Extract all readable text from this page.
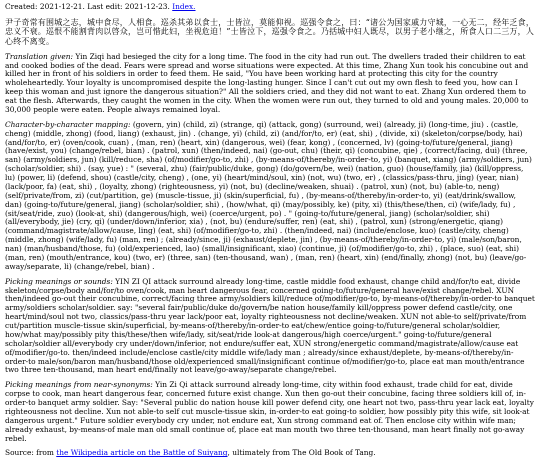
Created: 2021-12-21. Last edit: 2021-12-23. Index.

尹子奇常有围城之志，城中食尽，人相食。巡杀其弟以食士，士皆泣，莫能仰视。巡强令食之，曰：“诸公为国家戚力守城，一心无二，经年乏食，忠义不衰。巡恨不能割背肉以啓众，岂可惜此妇，坐视危迫！”士皆泣下，巡强令食之。乃括城中妇人既尽，以男子老小继之，所食人口二三万，人心终不离变。

Translation given: Yin Ziqi had besieged the city for a long time. The food in the city had run out. The dwellers traded their children to eat and cooked bodies of the dead. Fears were spread and worse situations were expected. At this time, Zhang Xun took his concubine out and killed her in front of his soldiers in order to feed them. He said, "You have been working hard at protecting this city for the country wholeheartedly. Your loyalty is uncompromised despite the long-lasting hunger. Since I can't cut out my own flesh to feed you, how can I keep this woman and just ignore the dangerous situation?" All the soldiers cried, and they did not want to eat. Zhang Xun ordered them to eat the flesh. Afterwards, they caught the women in the city. When the women were run out, they turned to old and young males. 20,000 to 30,000 people were eaten. People always remained loyal.

Character-by-character mapping: (govern, yin) (child, zi) (strange, qi) (attack, gong) (surround, wei) (already, ji) (long-time, jiu) . (castle, cheng) (middle, zhong) (food, liang) (exhaust, jin) . (change, yi) (child, zi) (and/for/to, er) (eat, shi) , (divide, xi) (skeleton/corpse/body, hai) (and/for/to, er) (oven/cook, cuan) , (man, ren) (heart, xin) (dangerous, wei) (fear, kong) , (concerned, lv) (going-to/future/general, jiang) (have/exist, you) (change/rebel, bian) . (patrol, xun) (then/indeed, nai) (go-out, chu) (their, qi) (concubine, qie) , (correct/facing, dui) (three, san) (army/soldiers, jun) (kill/reduce, sha) (of/modifier/go-to, zhi) , (by-means-of/thereby/in-order-to, yi) (banquet, xiang) (army/soldiers, jun) (scholar/soldier, shi) . (say, yue) : " (several, zhu) (fair/public/duke, gong) (do/govern/be, wei) (nation, guo) (house/family, jia) (kill/oppress, lu) (power, li) (defend, shou) (castle/city, cheng) , (one, yi) (heart/mind/soul, xin) (not, wu) (two, er) , (classics/pass-thru, jing) (year, nian) (lack/poor, fa) (eat, shi) , (loyalty, zhong) (righteousness, yi) (not, bu) (decline/weaken, shuai) . (patrol, xun) (not, bu) (able-to, neng) (self/private/from, zi) (cut/partition, ge) (muscle-tissue, ji) (skin/superficial, fu) , (by-means-of/thereby/in-order-to, yi) (eat/drink/swallow, dan) (going-to/future/general, jiang) (scholar/soldier, shi) , (how/what, qi) (may/possibly, ke) (pity, xi) (this/these/then, ci) (wife/lady, fu) , (sit/seat/ride, zuo) (look-at, shi) (dangerous/high, wei) (coerce/urgent, po) . " (going-to/future/general, jiang) (scholar/soldier, shi) (all/everybody, jie) (cry, qi) (under/down/inferior, xia) , (not, bu) (endure/suffer, ren) (eat, shi) , (patrol, xun) (strong/energetic, qiang) (command/magistrate/allow/cause, ling) (eat, shi) (of/modifier/go-to, zhi) . (then/indeed, nai) (include/enclose, kuo) (castle/city, cheng) (middle, zhong) (wife/lady, fu) (man, ren) ; (already/since, ji) (exhaust/deplete, jin) , (by-means-of/thereby/in-order-to, yi) (male/son/baron, nan) (man/husband/those, fu) (old/experienced, lao) (small/insignificant, xiao) (continue, ji) (of/modifier/go-to, zhi) , (place, suo) (eat, shi) (man, ren) (mouth/entrance, kou) (two, er) (three, san) (ten-thousand, wan) , (man, ren) (heart, xin) (end/finally, zhong) (not, bu) (leave/go-away/separate, li) (change/rebel, bian) .

Picking meanings or sounds: YIN ZI QI attack surround already long-time, castle middle food exhaust, change child and/for/to eat, divide skeleton/corpse/body and/for/to oven/cook, man heart dangerous fear, concerned going-to/future/general have/exist change/rebel. XUN then/indeed go-out their concubine, correct/facing three army/soldiers kill/reduce of/modifier/go-to, by-means-of/thereby/in-order-to banquet army/soldiers scholar/soldier. say: "several fair/public/duke do/govern/be nation house/family kill/oppress power defend castle/city, one heart/mind/soul not two, classics/pass-thru year lack/poor eat, loyalty righteousness not decline/weaken. XUN not able-to self/private/from cut/partition muscle-tissue skin/superficial, by-means-of/thereby/in-order-to eat/chew/entice going-to/future/general scholar/soldier, how/what may/possibly pity this/these/then wife/lady, sit/seat/ride look-at dangerous/high coerce/urgent." going-to/future/general scholar/soldier all/everybody cry under/down/inferior, not endure/suffer eat, XUN strong/energetic command/magistrate/allow/cause eat of/modifier/go-to. then/indeed include/enclose castle/city middle wife/lady man ; already/since exhaust/deplete, by-means-of/thereby/in-order-to male/son/baron man/husband/those old/experienced small/insignificant continue of/modifier/go-to, place eat man mouth/entrance two three ten-thousand, man heart end/finally not leave/go-away/separate change/rebel.

Picking meanings from near-synonyms: Yin Zi Qi attack surround already long-time, city within food exhaust, trade child for eat, divide corpse to cook, man heart dangerous fear, concerned future exist change. Xun then go-out their concubine, facing three soldiers kill of, in-order-to banquet army soldier. Say: "Several public do nation house kill power defend city, one heart not two, pass-thru year lack eat, loyalty righteousness not decline. Xun not able-to self cut muscle-tissue skin, in-order-to eat going-to soldier, how possibly pity this wife, sit look-at dangerous urgent." Future soldier everybody cry under, not endure eat, Xun strong command eat of. Then enclose city within wife man; already exhaust, by-means-of male man old small continue of, place eat man mouth two three ten-thousand, man heart finally not go-away rebel.

Source: from the Wikipedia article on the Battle of Suiyang, ultimately from The Old Book of Tang.
